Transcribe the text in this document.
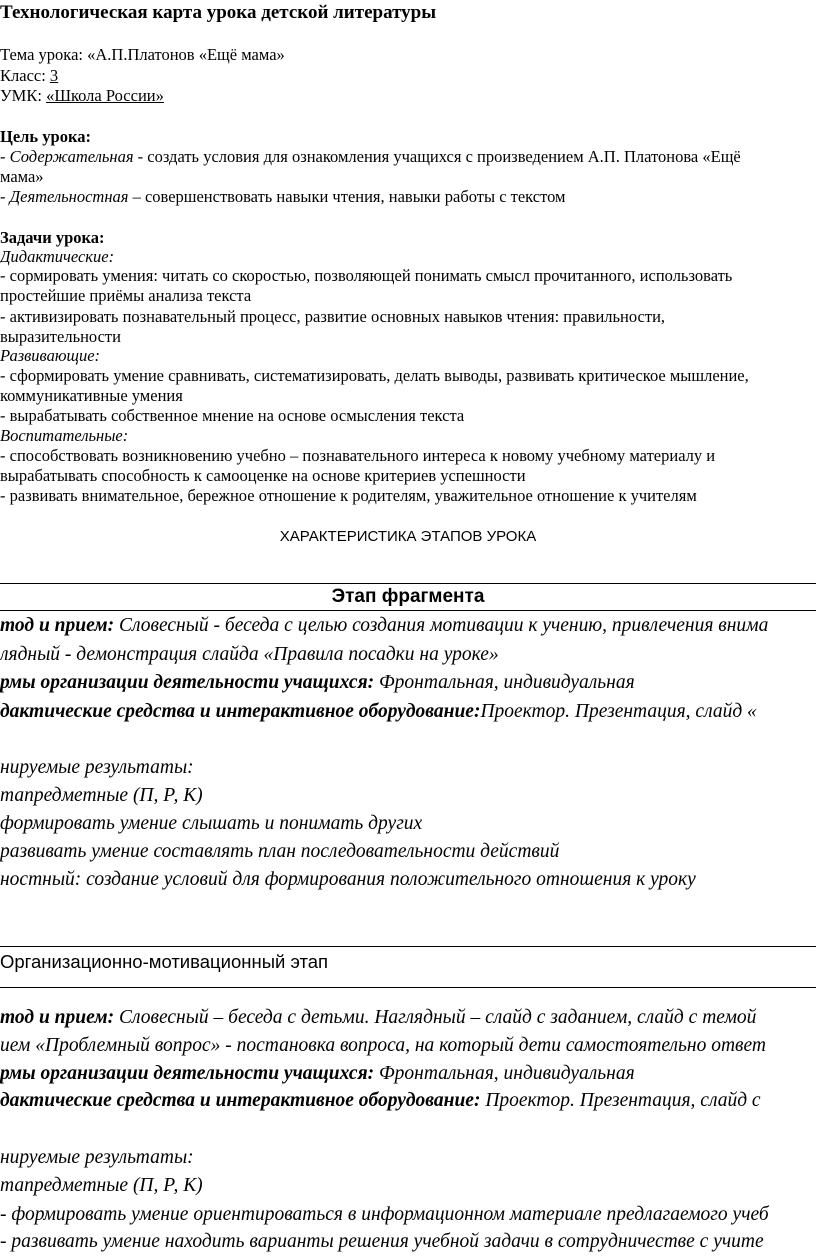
Технологическая карта урока детской литературы
Тема урока: «А.П.Платонов «Ещё мама»
Класс: 3
УМК: «Школа России»
Цель урока:
- Содержательная - создать условия для ознакомления учащихся с произведением А.П. Платонова «Ещё
мама»
- Деятельностная – совершенствовать навыки чтения, навыки работы с текстом
Задачи урока:
Дидактические:
- сормировать умения: читать со скоростью, позволяющей понимать смысл прочитанного, использовать
простейшие приёмы анализа текста
- активизировать познавательный процесс, развитие основных навыков чтения: правильности,
выразительности
Развивающие:
- сформировать умение сравнивать, систематизировать, делать выводы, развивать критическое мышление,
коммуникативные умения
- вырабатывать собственное мнение на основе осмысления текста
Воспитательные:
- способствовать возникновению учебно – познавательного интереса к новому учебному материалу и
вырабатывать способность к самооценке на основе критериев успешности
- развивать внимательное, бережное отношение к родителям, уважительное отношение к учителям
ХАРАКТЕРИСТИКА ЭТАПОВ УРОКА
Этап фрагмента
тод и прием: Словесный - беседа с целью создания мотивации к учению, привлечения внима
лядный - демонстрация слайда «Правила посадки на уроке»
рмы организации деятельности учащихся: Фронтальная, индивидуальная
дактические средства и интерактивное оборудование:Проектор. Презентация, слайд «
нируемые результаты:
тапредметные (П, Р, К)
формировать умение слышать и понимать других
развивать умение составлять план последовательности действий
ностный: создание условий для формирования положительного отношения к уроку
Организационно-мотивационный этап
тод и прием: Словесный – беседа с детьми. Наглядный – слайд с заданием, слайд с темой
ием «Проблемный вопрос» - постановка вопроса, на который дети самостоятельно ответ
рмы организации деятельности учащихся: Фронтальная, индивидуальная
дактические средства и интерактивное оборудование: Проектор. Презентация, слайд с
нируемые результаты:
тапредметные (П, Р, К)
- формировать умение ориентироваться в информационном материале предлагаемого учеб
- развивать умение находить варианты решения учебной задачи в сотрудничестве с учите
